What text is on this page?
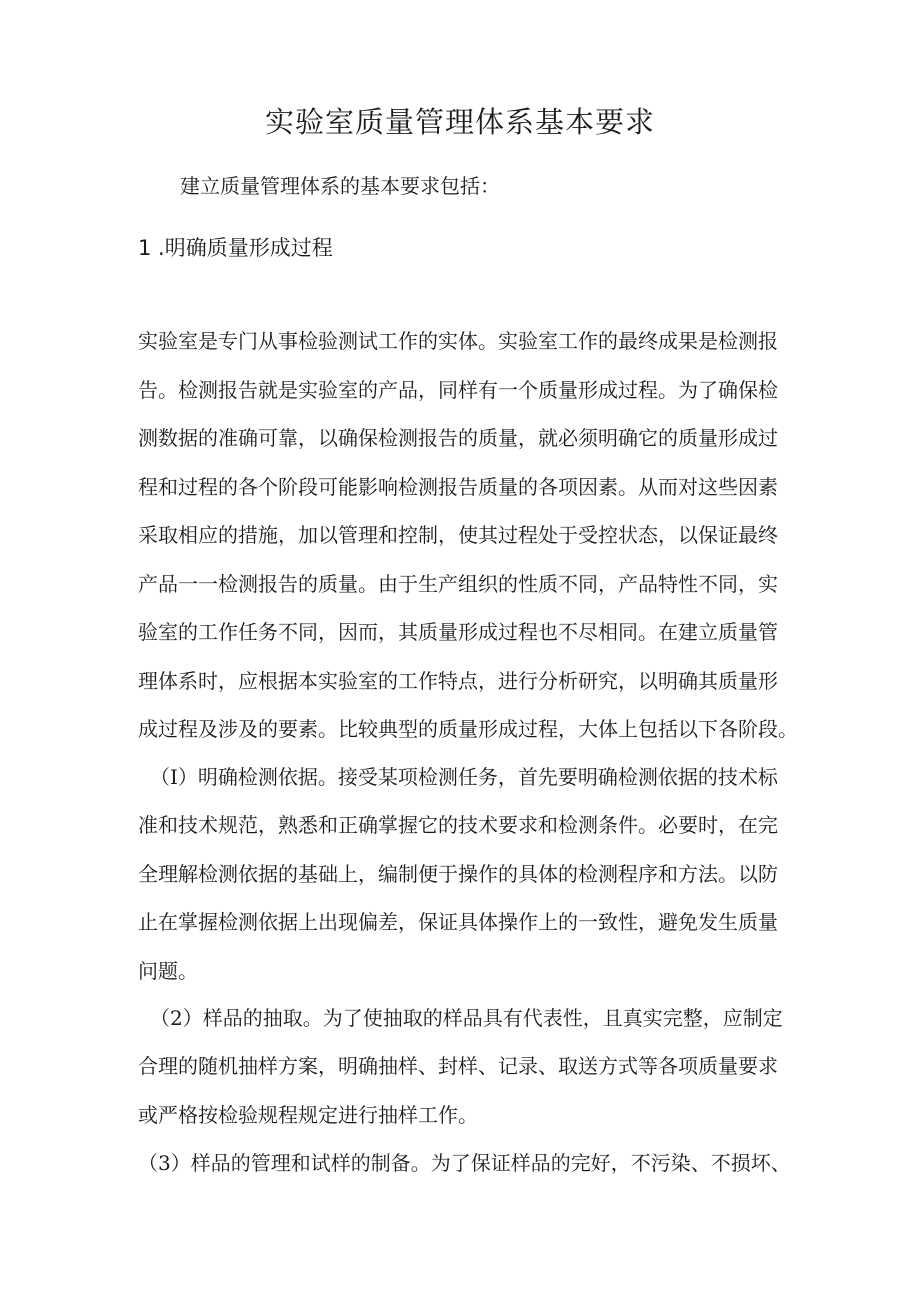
实验室质量管理体系基本要求

建立质量管理体系的基本要求包括：

1 .明确质量形成过程
实验室是专门从事检验测试工作的实体。实验室工作的最终成果是检测报
告。检测报告就是实验室的产品，同样有一个质量形成过程。为了确保检
测数据的准确可靠，以确保检测报告的质量，就必须明确它的质量形成过
程和过程的各个阶段可能影响检测报告质量的各项因素。从而对这些因素
采取相应的措施，加以管理和控制，使其过程处于受控状态，以保证最终
产品一一检测报告的质量。由于生产组织的性质不同，产品特性不同，实
验室的工作任务不同，因而，其质量形成过程也不尽相同。在建立质量管
理体系时，应根据本实验室的工作特点，进行分析研究，以明确其质量形
成过程及涉及的要素。比较典型的质量形成过程，大体上包括以下各阶段。
（I）明确检测依据。接受某项检测任务，首先要明确检测依据的技术标
准和技术规范，熟悉和正确掌握它的技术要求和检测条件。必要时，在完
全理解检测依据的基础上，编制便于操作的具体的检测程序和方法。以防
止在掌握检测依据上出现偏差，保证具体操作上的一致性，避免发生质量
问题。
（2）样品的抽取。为了使抽取的样品具有代表性，且真实完整，应制定
合理的随机抽样方案，明确抽样、封样、记录、取送方式等各项质量要求
或严格按检验规程规定进行抽样工作。
（3）样品的管理和试样的制备。为了保证样品的完好，不污染、不损坏、
